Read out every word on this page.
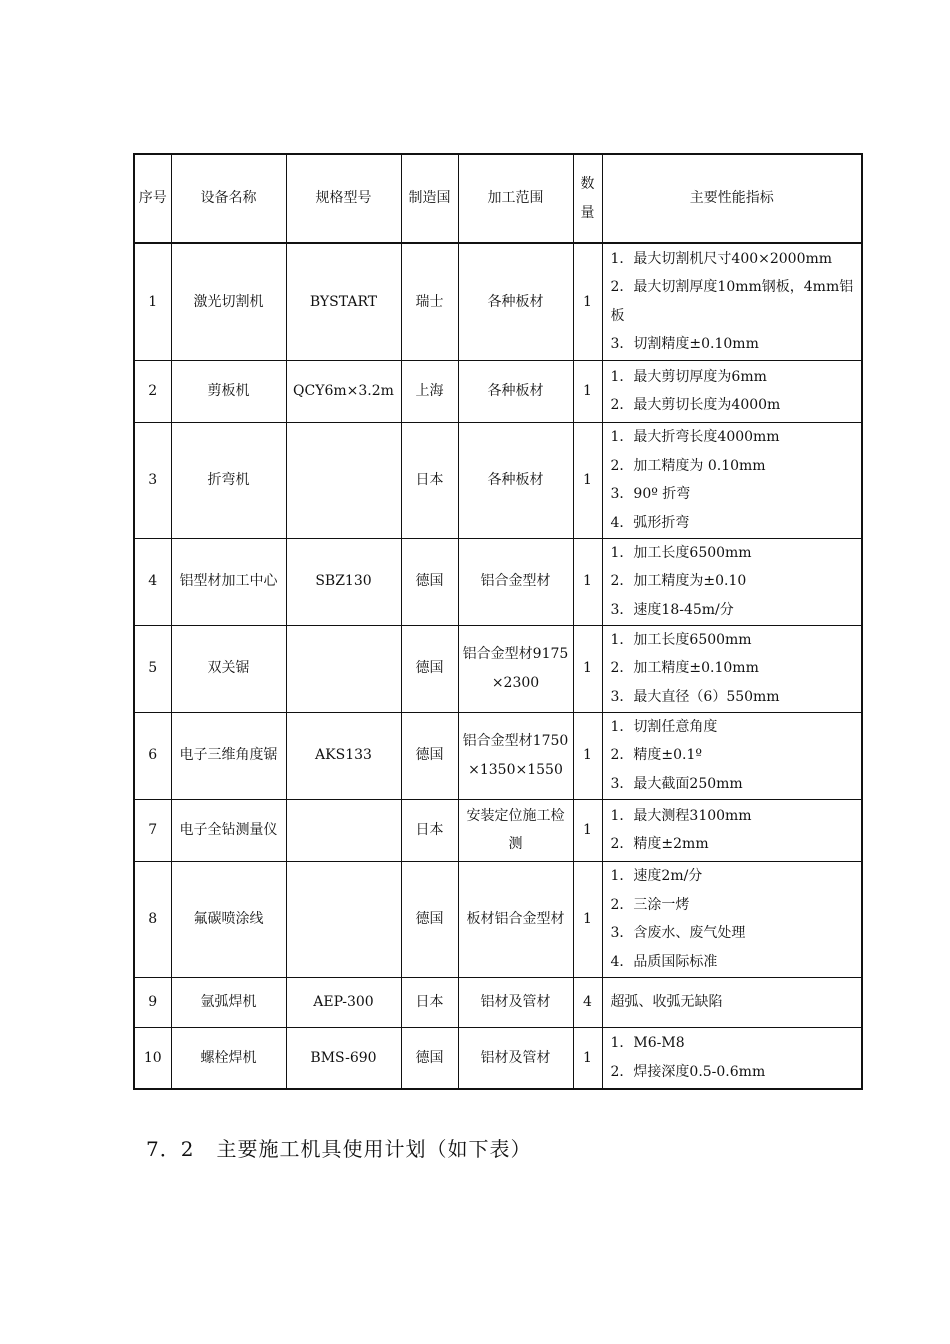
序号	设备名称	规格型号	制造国	加工范围	数量	主要性能指标
1	激光切割机	BYSTART	瑞士	各种板材	1	1．最大切割机尺寸400×2000mm
2．最大切割厚度10mm钢板，4mm铝板
3．切割精度±0.10mm

2	剪板机	QCY6m×3.2m	上海	各种板材	1	1．最大剪切厚度为6mm
2．最大剪切长度为4000m

3	折弯机		日本	各种板材	1	1．最大折弯长度4000mm
2．加工精度为 0.10mm
3．90º 折弯
4．弧形折弯

4	铝型材加工中心	SBZ130	德国	铝合金型材	1	1．加工长度6500mm
2．加工精度为±0.10
3．速度18-45m/分

5	双关锯		德国	铝合金型材9175×2300	1	1．加工长度6500mm
2．加工精度±0.10mm
3．最大直径（6）550mm

6	电子三维角度锯	AKS133	德国	铝合金型材1750×1350×1550	1	1．切割任意角度
2．精度±0.1º
3．最大截面250mm

7	电子全钻测量仪		日本	安装定位施工检测	1	1．最大测程3100mm
2．精度±2mm

8	氟碳喷涂线		德国	板材铝合金型材	1	1．速度2m/分
2．三涂一烤
3．含废水、废气处理
4．品质国际标准

9	氩弧焊机	AEP-300	日本	铝材及管材	4	超弧、收弧无缺陷

10	螺栓焊机	BMS-690	德国	铝材及管材	1	1．M6-M8
2．焊接深度0.5-0.6mm
7．2 主要施工机具使用计划（如下表）
